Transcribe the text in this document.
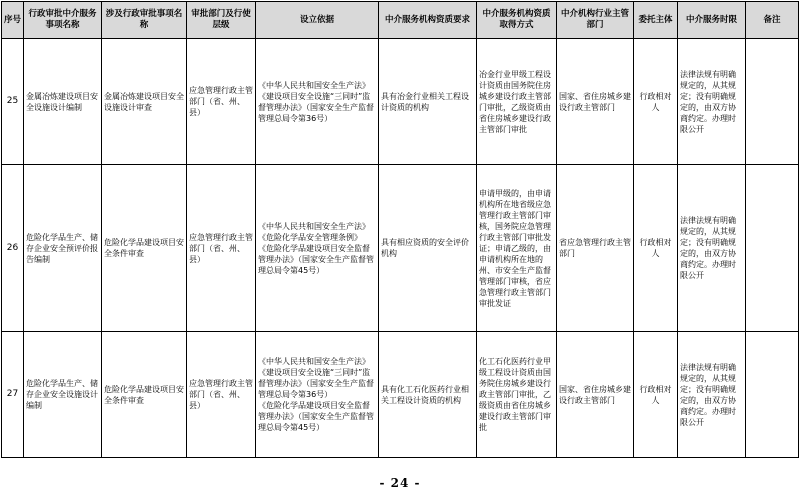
序号	行政审批中介服务事项名称	涉及行政审批事项名称	审批部门及行使层级	设立依据	中介服务机构资质要求	中介服务机构资质取得方式	中介机构行业主管部门	委托主体	中介服务时限	备注
25	金属冶炼建设项目安全设施设计编制	金属冶炼建设项目安全设施设计审查	应急管理行政主管部门（省、州、县）	《中华人民共和国安全生产法》
《建设项目安全设施“三同时”监督管理办法》（国家安全生产监督管理总局令第36号）	具有冶金行业相关工程设计资质的机构	冶金行业甲级工程设计资质由国务院住房城乡建设行政主管部门审批，乙级资质由省住房城乡建设行政主管部门审批	国家、省住房城乡建设行政主管部门	行政相对人	法律法规有明确规定的，从其规定；没有明确规定的，由双方协商约定。办理时限公开	
26	危险化学品生产、储存企业安全预评价报告编制	危险化学品建设项目安全条件审查	应急管理行政主管部门（省、州、县）	《中华人民共和国安全生产法》
《危险化学品安全管理条例》
《危险化学品建设项目安全监督管理办法》（国家安全生产监督管理总局令第45号）	具有相应资质的安全评价机构	申请甲级的，由申请机构所在地省级应急管理行政主管部门审核，国务院应急管理行政主管部门审批发证；申请乙级的，由申请机构所在地的州、市安全生产监督管理部门审核，省应急管理行政主管部门审批发证	省应急管理行政主管部门	行政相对人	法律法规有明确规定的，从其规定；没有明确规定的，由双方协商约定。办理时限公开	
27	危险化学品生产、储存企业安全设施设计编制	危险化学品建设项目安全条件审查	应急管理行政主管部门（省、州、县）	《中华人民共和国安全生产法》
《建设项目安全设施“三同时”监督管理办法》（国家安全生产监督管理总局令第36号）
《危险化学品建设项目安全监督管理办法》（国家安全生产监督管理总局令第45号）	具有化工石化医药行业相关工程设计资质的机构	化工石化医药行业甲级工程设计资质由国务院住房城乡建设行政主管部门审批，乙级资质由省住房城乡建设行政主管部门审批	国家、省住房城乡建设行政主管部门	行政相对人	法律法规有明确规定的，从其规定；没有明确规定的，由双方协商约定。办理时限公开	
- 24 -
